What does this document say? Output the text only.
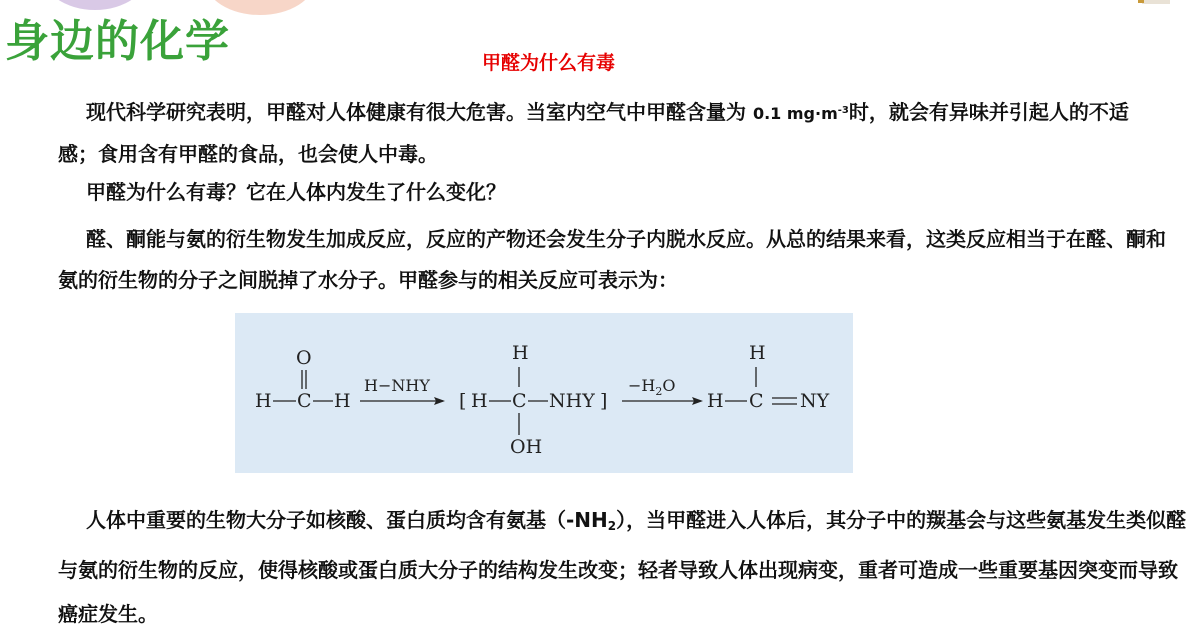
身边的化学	甲醛为什么有毒

现代科学研究表明，甲醛对人体健康有很大危害。当室内空气中甲醛含量为 0.1 $mg\cdot m^{-3}$时，就会有异味并引起人的不适感；食用含有甲醛的食品，也会使人中毒。

甲醛为什么有毒？它在人体内发生了什么变化？

醛、酮能与氨的衍生物发生加成反应，反应的产物还会发生分子内脱水反应。从总的结果来看，这类反应相当于在醛、酮和氨的衍生物的分子之间脱掉了水分子。甲醛参与的相关反应可表示为：

O
H C H
H−NHY
[
H
H C NHY ]
OH
$-H_2O$
H
H C NY

人体中重要的生物大分子如核酸、蛋白质均含有氨基$(-NH_2)$，当甲醛进入人体后，其分子中的羰基会与这些氨基发生类似醛与氨的衍生物的反应，使得核酸或蛋白质大分子的结构发生改变；轻者导致人体出现病变，重者可造成一些重要基因突变而导致癌症发生。
